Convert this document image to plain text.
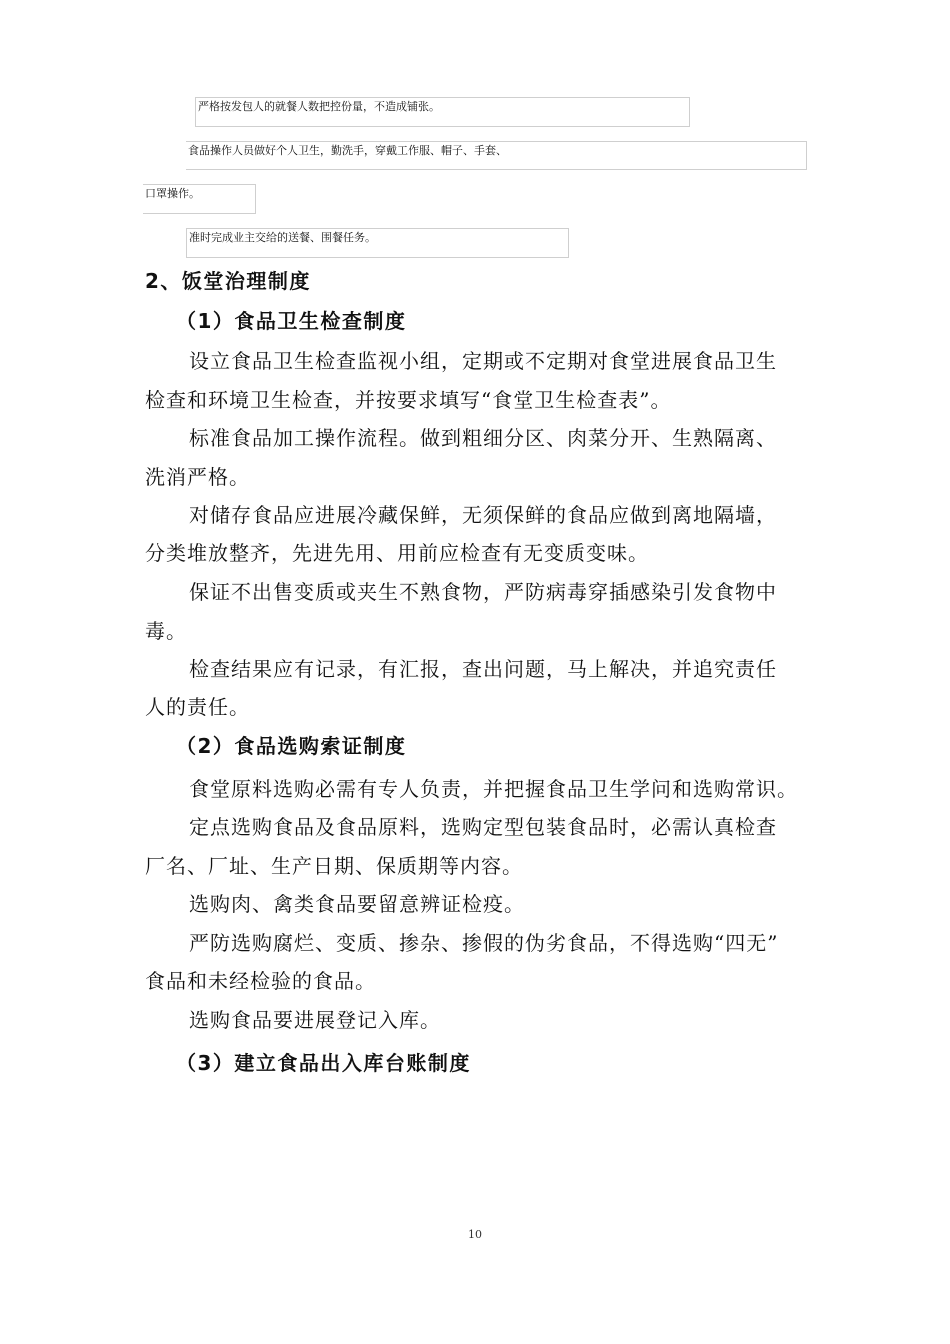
严格按发包人的就餐人数把控份量，不造成铺张。
食品操作人员做好个人卫生，勤洗手，穿戴工作服、帽子、手套、
口罩操作。
准时完成业主交给的送餐、围餐任务。
2、饭堂治理制度
（1）食品卫生检查制度
设立食品卫生检查监视小组，定期或不定期对食堂进展食品卫生
检查和环境卫生检查，并按要求填写“食堂卫生检查表”。
标准食品加工操作流程。做到粗细分区、肉菜分开、生熟隔离、
洗消严格。
对储存食品应进展冷藏保鲜，无须保鲜的食品应做到离地隔墙，
分类堆放整齐，先进先用、用前应检查有无变质变味。
保证不出售变质或夹生不熟食物，严防病毒穿插感染引发食物中
毒。
检查结果应有记录，有汇报，查出问题，马上解决，并追究责任
人的责任。
（2）食品选购索证制度
食堂原料选购必需有专人负责，并把握食品卫生学问和选购常识。
定点选购食品及食品原料，选购定型包装食品时，必需认真检查
厂名、厂址、生产日期、保质期等内容。
选购肉、禽类食品要留意辨证检疫。
严防选购腐烂、变质、掺杂、掺假的伪劣食品，不得选购“四无”
食品和未经检验的食品。
选购食品要进展登记入库。
（3）建立食品出入库台账制度
10
